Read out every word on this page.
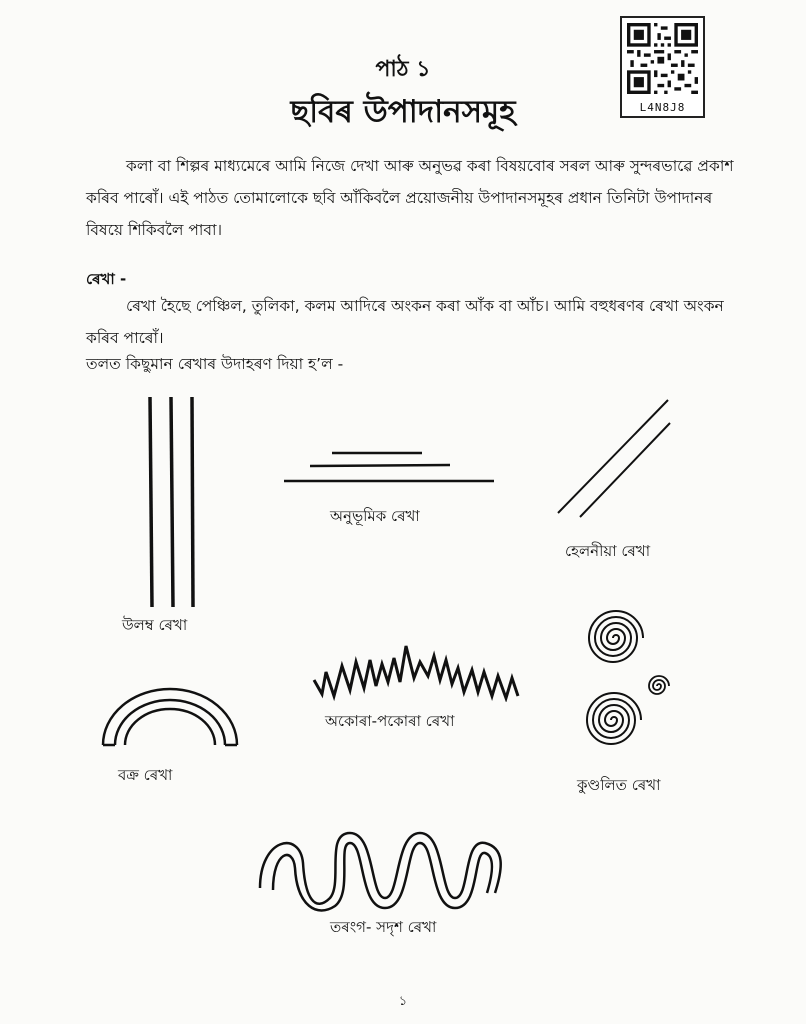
পাঠ ১
ছবিৰ উপাদানসমূহ	L4N8J8
কলা বা শিল্পৰ মাধ্যমেৰে আমি নিজে দেখা আৰু অনুভৱ কৰা বিষয়বোৰ সৰল আৰু সুন্দৰভাৱে প্ৰকাশ কৰিব পাৰোঁ। এই পাঠত তোমালোকে ছবি আঁকিবলৈ প্ৰয়োজনীয় উপাদানসমূহৰ প্ৰধান তিনিটা উপাদানৰ বিষয়ে শিকিবলৈ পাবা।
ৰেখা -
ৰেখা হৈছে পেঞ্চিল, তুলিকা, কলম আদিৰে অংকন কৰা আঁক বা আঁচ। আমি বহুধৰণৰ ৰেখা অংকন কৰিব পাৰোঁ।
তলত কিছুমান ৰেখাৰ উদাহৰণ দিয়া হ’ল -
উলম্ব ৰেখা
অনুভূমিক ৰেখা
হেলনীয়া ৰেখা
বক্ৰ ৰেখা
অকোৰা-পকোৰা ৰেখা
কুণ্ডলিত ৰেখা
তৰংগ- সদৃশ ৰেখা
১
